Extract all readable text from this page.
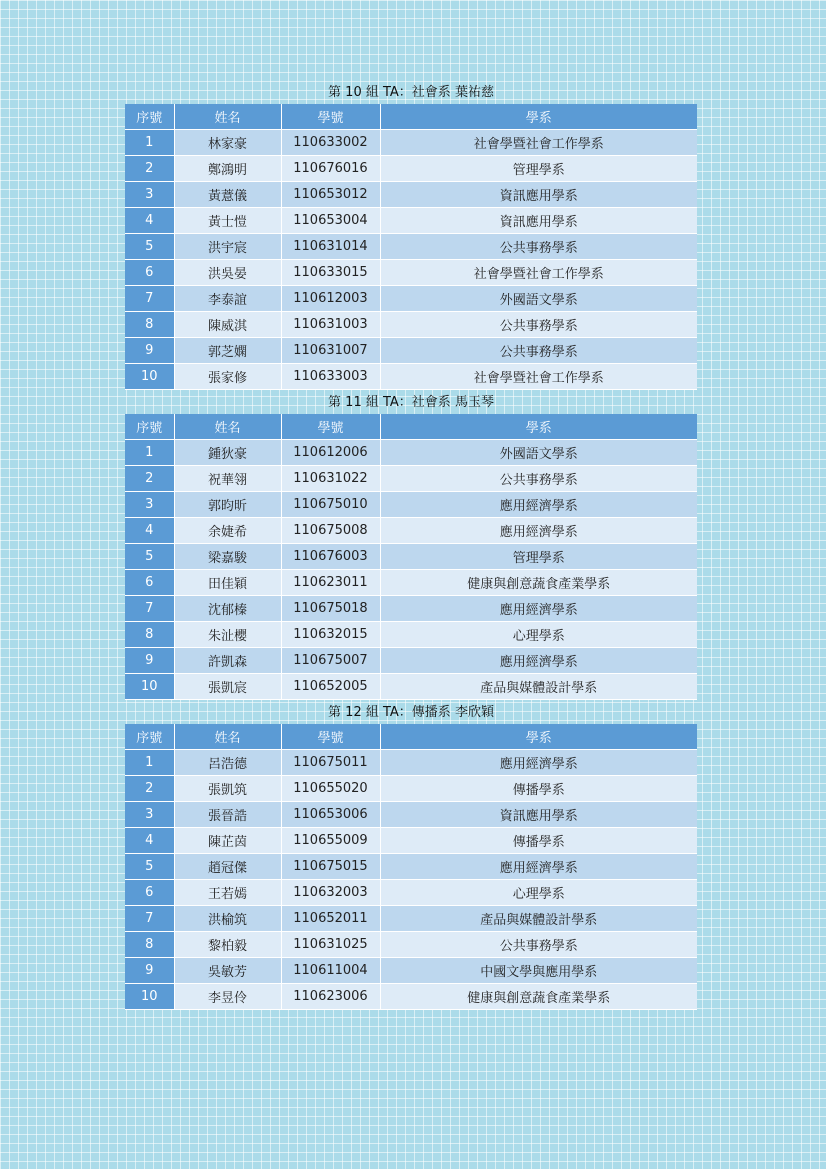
第 10 組 TA：社會系 葉祐慈
序號	姓名	學號	學系
1	林家豪	110633002	社會學暨社會工作學系
2	鄭鴻明	110676016	管理學系
3	黃薏儀	110653012	資訊應用學系
4	黃士愷	110653004	資訊應用學系
5	洪宇宸	110631014	公共事務學系
6	洪吳晏	110633015	社會學暨社會工作學系
7	李泰誼	110612003	外國語文學系
8	陳威淇	110631003	公共事務學系
9	郭芝嫻	110631007	公共事務學系
10	張家修	110633003	社會學暨社會工作學系
第 11 組 TA：社會系 馬玉琴
序號	姓名	學號	學系
1	鍾狄豪	110612006	外國語文學系
2	祝華翎	110631022	公共事務學系
3	郭昀昕	110675010	應用經濟學系
4	余婕希	110675008	應用經濟學系
5	梁嘉駿	110676003	管理學系
6	田佳穎	110623011	健康與創意蔬食產業學系
7	沈郁榛	110675018	應用經濟學系
8	朱沚櫻	110632015	心理學系
9	許凱森	110675007	應用經濟學系
10	張凱宸	110652005	產品與媒體設計學系
第 12 組 TA：傳播系 李欣穎
序號	姓名	學號	學系
1	呂浩德	110675011	應用經濟學系
2	張凱筑	110655020	傳播學系
3	張晉誥	110653006	資訊應用學系
4	陳芷茵	110655009	傳播學系
5	趙冠傑	110675015	應用經濟學系
6	王若嫣	110632003	心理學系
7	洪榆筑	110652011	產品與媒體設計學系
8	黎柏毅	110631025	公共事務學系
9	吳敏芳	110611004	中國文學與應用學系
10	李昱伶	110623006	健康與創意蔬食產業學系
